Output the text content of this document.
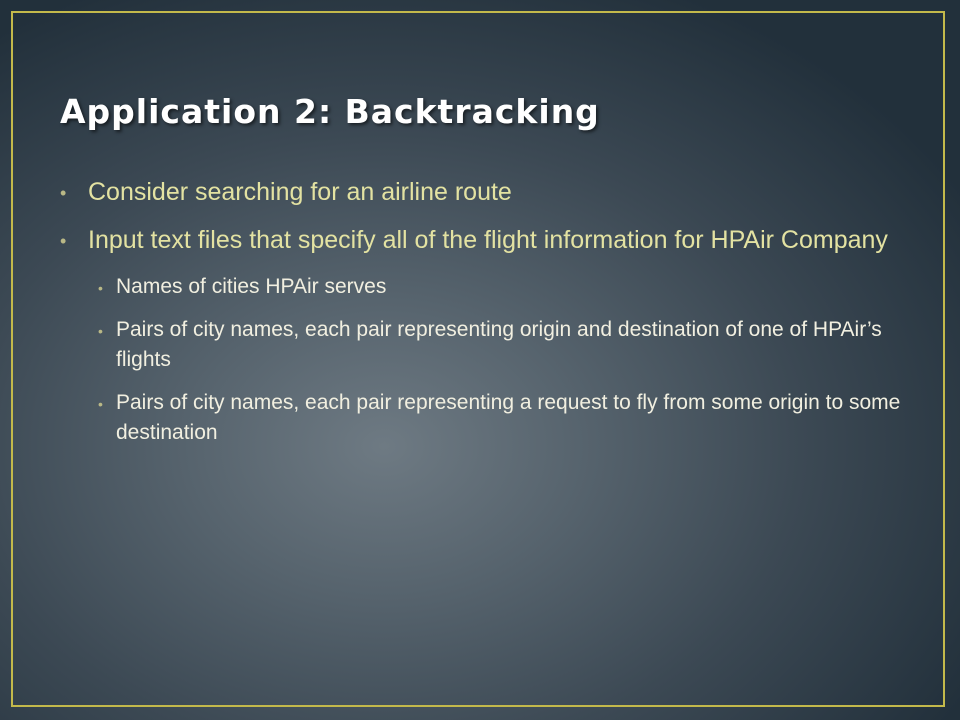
Application 2: Backtracking
• Consider searching for an airline route
• Input text files that specify all of the flight information for HPAir Company
• Names of cities HPAir serves
• Pairs of city names, each pair representing origin and destination of one of HPAir’s flights
• Pairs of city names, each pair representing a request to fly from some origin to some destination
